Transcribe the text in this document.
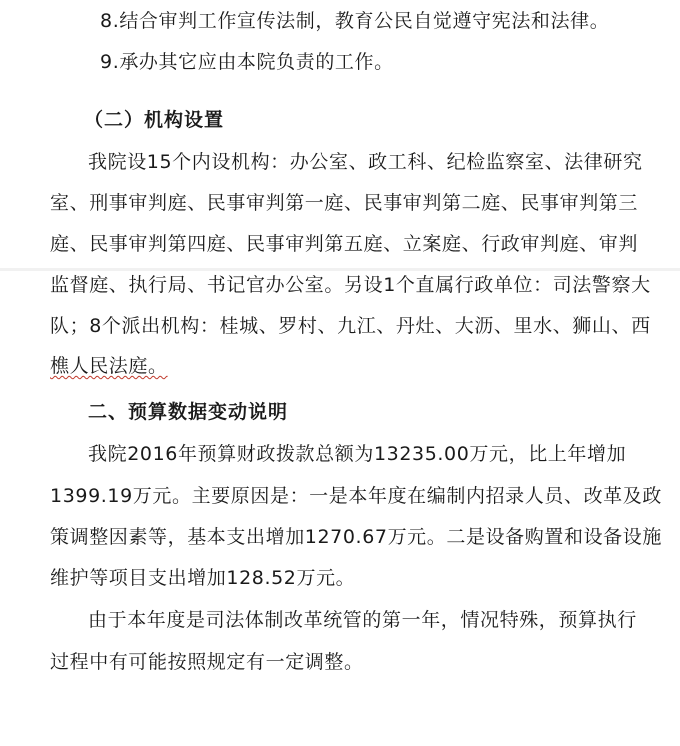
8.结合审判工作宣传法制，教育公民自觉遵守宪法和法律。
9.承办其它应由本院负责的工作。
（二）机构设置
我院设15个内设机构：办公室、政工科、纪检监察室、法律研究
室、刑事审判庭、民事审判第一庭、民事审判第二庭、民事审判第三
庭、民事审判第四庭、民事审判第五庭、立案庭、行政审判庭、审判
监督庭、执行局、书记官办公室。另设1个直属行政单位：司法警察大
队；8个派出机构：桂城、罗村、九江、丹灶、大沥、里水、狮山、西
樵人民法庭。
二、预算数据变动说明
我院2016年预算财政拨款总额为13235.00万元，比上年增加
1399.19万元。主要原因是：一是本年度在编制内招录人员、改革及政
策调整因素等，基本支出增加1270.67万元。二是设备购置和设备设施
维护等项目支出增加128.52万元。
由于本年度是司法体制改革统管的第一年，情况特殊，预算执行
过程中有可能按照规定有一定调整。
